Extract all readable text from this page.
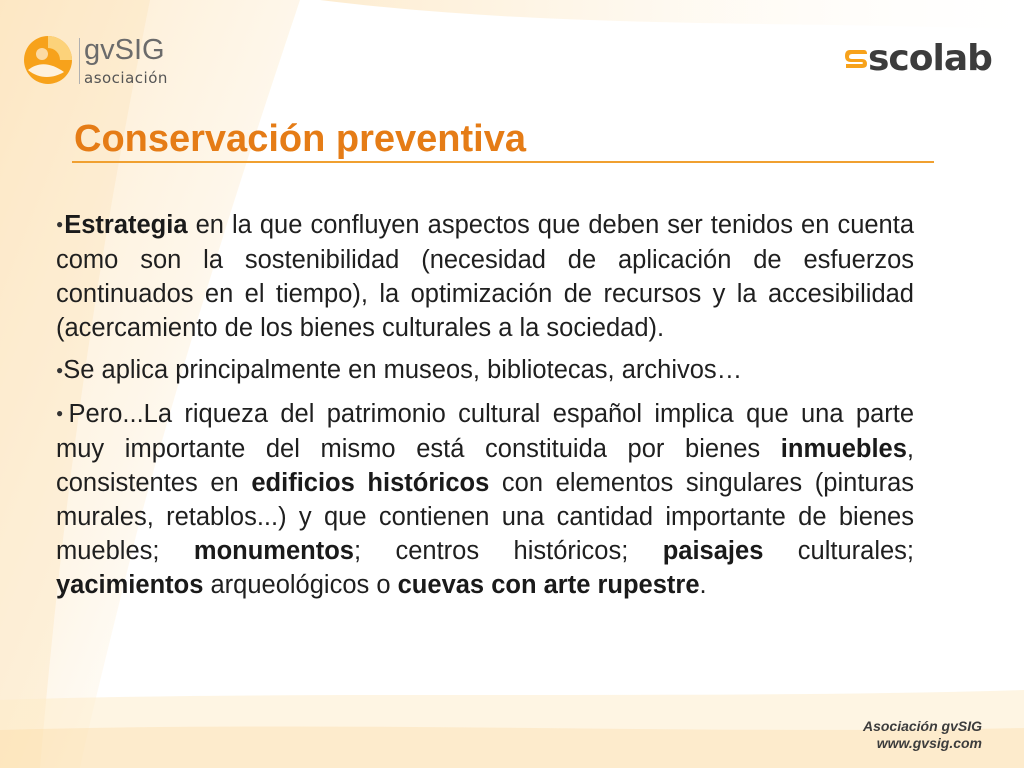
gvSIG
asociación	scolab
Conservación preventiva

●Estrategia en la que confluyen aspectos que deben ser tenidos en cuenta como son la sostenibilidad (necesidad de aplicación de esfuerzos continuados en el tiempo), la optimización de recursos y la accesibilidad (acercamiento de los bienes culturales a la sociedad).

●Se aplica principalmente en museos, bibliotecas, archivos…

●Pero...La riqueza del patrimonio cultural español implica que una parte muy importante del mismo está constituida por bienes inmuebles, consistentes en edificios históricos con elementos singulares (pinturas murales, retablos...) y que contienen una cantidad importante de bienes muebles; monumentos; centros históricos; paisajes culturales; yacimientos arqueológicos o cuevas con arte rupestre.

Asociación gvSIG
www.gvsig.com
